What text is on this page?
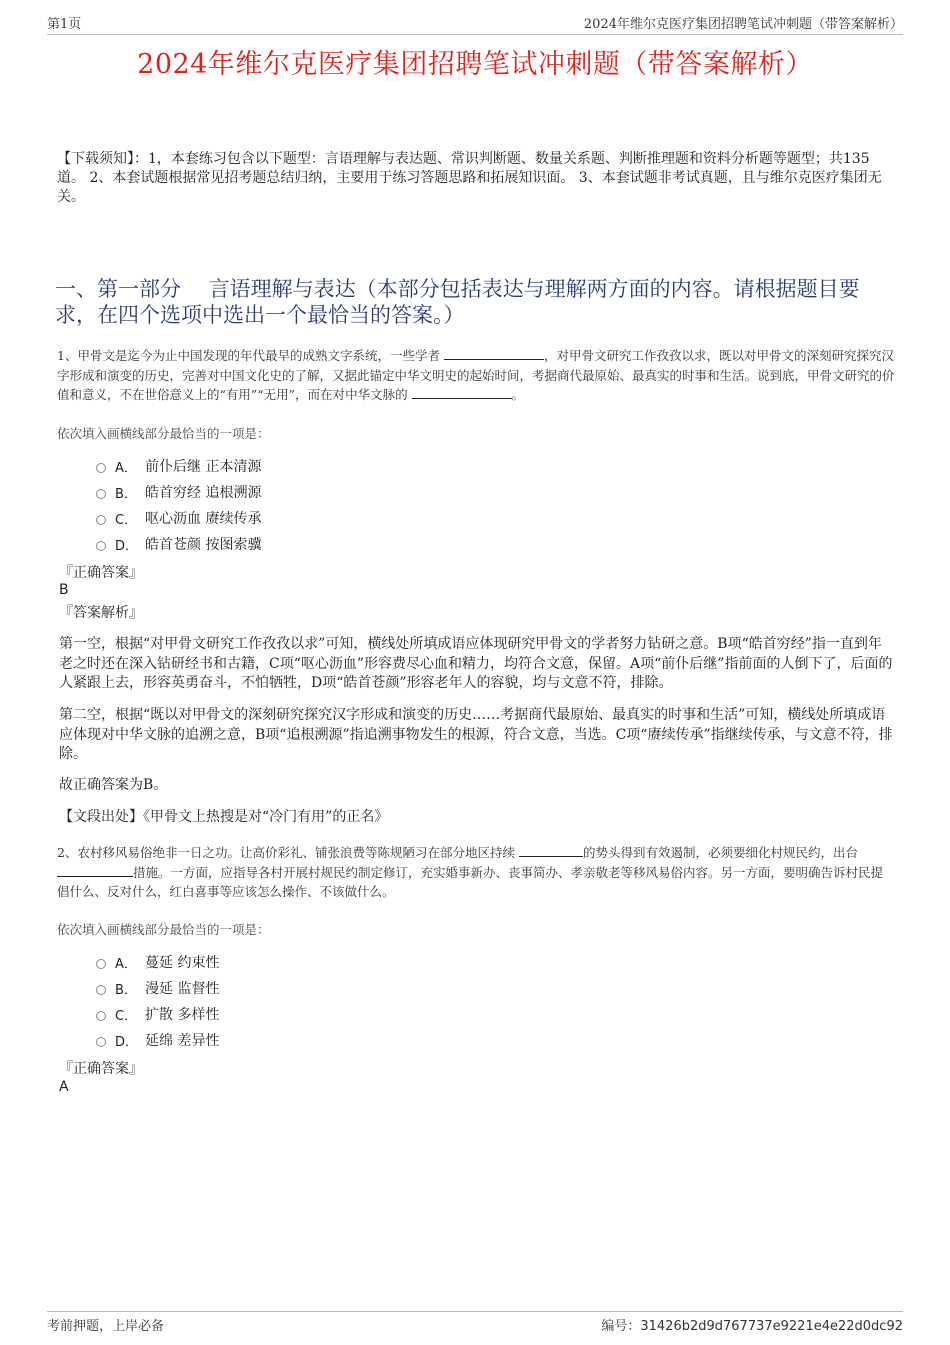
第1页	2024年维尔克医疗集团招聘笔试冲刺题（带答案解析）
2024年维尔克医疗集团招聘笔试冲刺题（带答案解析）

【下载须知】：1，本套练习包含以下题型：言语理解与表达题、常识判断题、数量关系题、判断推理题和资料分析题等题型；共135道。 2、本套试题根据常见招考题总结归纳，主要用于练习答题思路和拓展知识面。 3、本套试题非考试真题，且与维尔克医疗集团无关。

一、第一部分　 言语理解与表达（本部分包括表达与理解两方面的内容。请根据题目要求，在四个选项中选出一个最恰当的答案。）

1、甲骨文是迄今为止中国发现的年代最早的成熟文字系统，一些学者	，对甲骨文研究工作孜孜以求，既以对甲骨文的深刻研究探究汉字形成和演变的历史，完善对中国文化史的了解，又据此锚定中华文明史的起始时间，考据商代最原始、最真实的时事和生活。说到底，甲骨文研究的价值和意义，不在世俗意义上的“有用”“无用”，而在对中华文脉的	。

依次填入画横线部分最恰当的一项是：

A． 前仆后继 正本清源
B． 皓首穷经 追根溯源
C． 呕心沥血 赓续传承
D． 皓首苍颜 按图索骥

『正确答案』

B

『答案解析』

第一空，根据“对甲骨文研究工作孜孜以求”可知，横线处所填成语应体现研究甲骨文的学者努力钻研之意。B项“皓首穷经”指一直到年老之时还在深入钻研经书和古籍，C项“呕心沥血”形容费尽心血和精力，均符合文意，保留。A项“前仆后继”指前面的人倒下了，后面的人紧跟上去，形容英勇奋斗，不怕牺牲，D项“皓首苍颜”形容老年人的容貌，均与文意不符，排除。

第二空，根据“既以对甲骨文的深刻研究探究汉字形成和演变的历史……考据商代最原始、最真实的时事和生活”可知，横线处所填成语应体现对中华文脉的追溯之意，B项“追根溯源”指追溯事物发生的根源，符合文意，当选。C项“赓续传承”指继续传承，与文意不符，排除。

故正确答案为B。

【文段出处】《甲骨文上热搜是对“冷门有用”的正名》

2、农村移风易俗绝非一日之功。让高价彩礼、铺张浪费等陈规陋习在部分地区持续	的势头得到有效遏制，必须要细化村规民约，出台 措施。一方面，应指导各村开展村规民约制定修订，充实婚事新办、丧事简办、孝亲敬老等移风易俗内容。另一方面，要明确告诉村民提倡什么、反对什么，红白喜事等应该怎么操作、不该做什么。

依次填入画横线部分最恰当的一项是：

A． 蔓延 约束性
B． 漫延 监督性
C． 扩散 多样性
D． 延绵 差异性

『正确答案』

A

考前押题，上岸必备	编号：31426b2d9d767737e9221e4e22d0dc92
